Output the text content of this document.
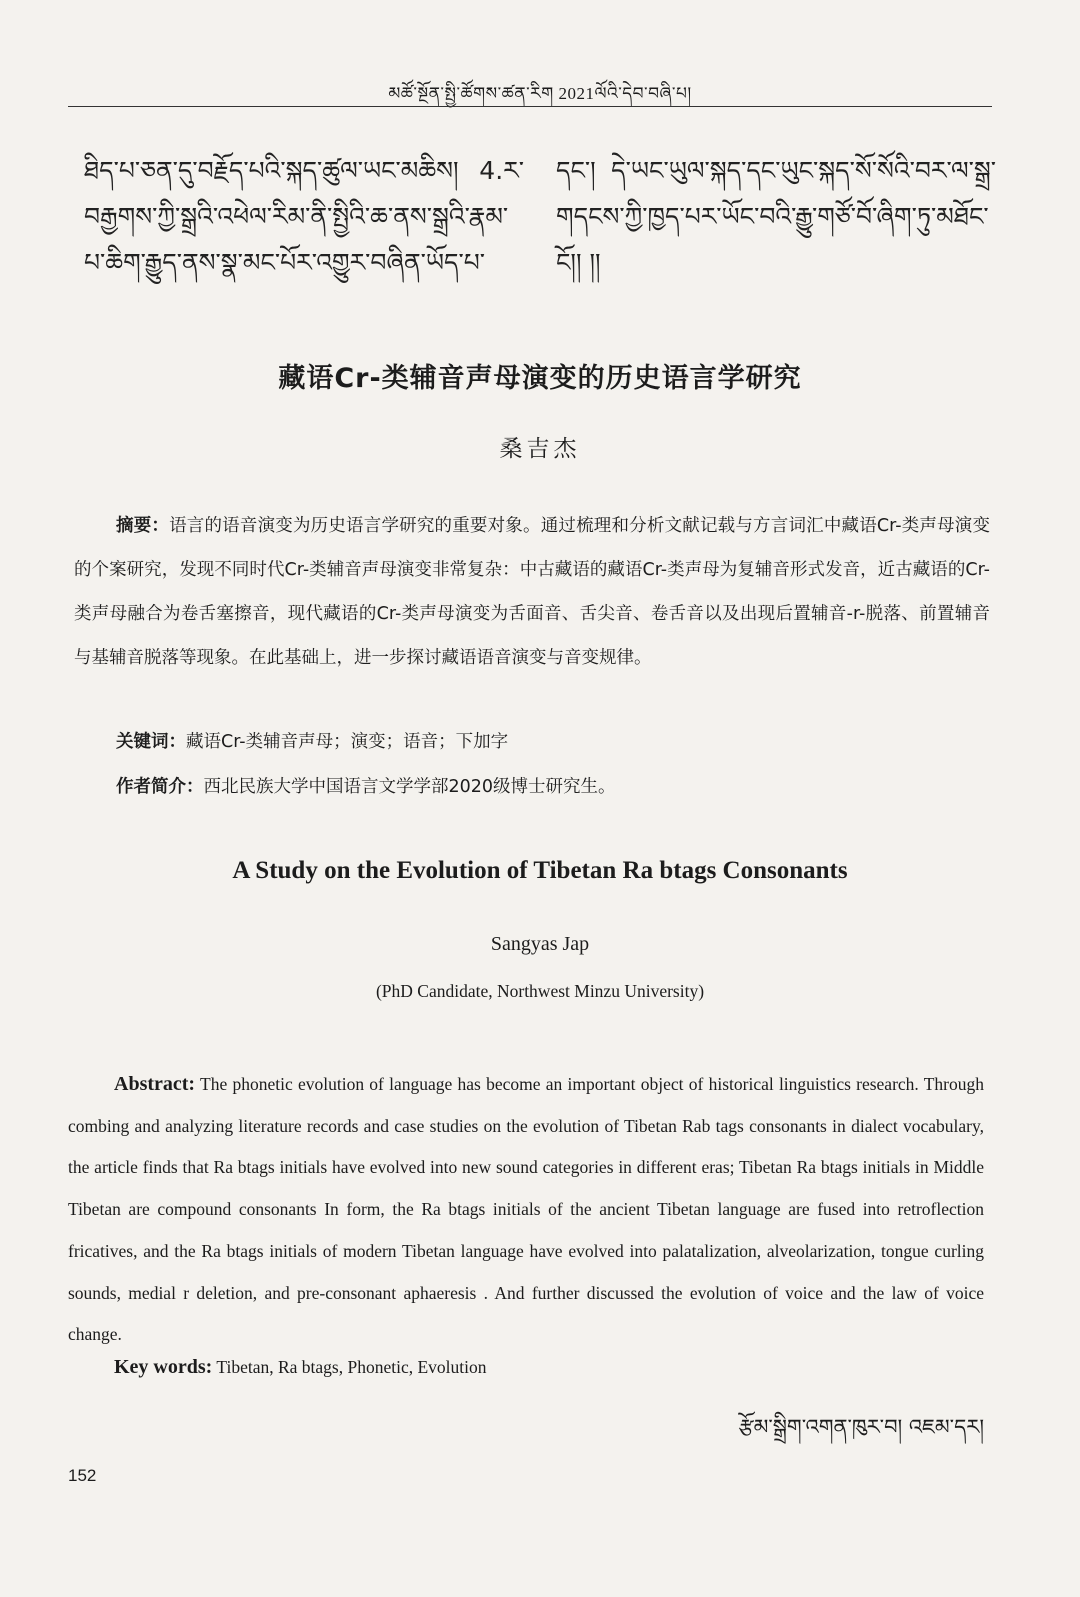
མཚོ་སྔོན་སྤྱི་ཚོགས་ཚན་རིག 2021ལོའི་དེབ་བཞི་པ།
ཐིད་པ་ཅན་དུ་བརྗོད་པའི་སྐད་ཚུལ་ཡང་མཆིས། 4.ར་བརྒྱགས་ཀྱི་སྒྲའི་འཕེལ་རིམ་ནི་སྤྱིའི་ཆ་ནས་སྒྲའི་རྣམ་པ་ཆིག་རྒྱུད་ནས་སྣ་མང་པོར་འགྱུར་བཞིན་ཡོད་པ་
དང་། དེ་ཡང་ཡུལ་སྐད་དང་ཡུང་སྐད་སོ་སོའི་བར་ལ་སྒྲ་གདངས་ཀྱི་ཁྱད་པར་ཡོང་བའི་རྒྱུ་གཙོ་བོ་ཞིག་ཏུ་མཐོང་ངོ།། །།
藏语Cr-类辅音声母演变的历史语言学研究
桑吉杰
摘要：语言的语音演变为历史语言学研究的重要对象。通过梳理和分析文献记载与方言词汇中藏语Cr-类声母演变的个案研究，发现不同时代Cr-类辅音声母演变非常复杂：中古藏语的藏语Cr-类声母为复辅音形式发音，近古藏语的Cr-类声母融合为卷舌塞擦音，现代藏语的Cr-类声母演变为舌面音、舌尖音、卷舌音以及出现后置辅音-r-脱落、前置辅音与基辅音脱落等现象。在此基础上，进一步探讨藏语语音演变与音变规律。
关键词：藏语Cr-类辅音声母；演变；语音；下加字
作者简介：西北民族大学中国语言文学学部2020级博士研究生。
A Study on the Evolution of Tibetan Ra btags Consonants
Sangyas Jap
(PhD Candidate, Northwest Minzu University)
Abstract: The phonetic evolution of language has become an important object of historical linguistics research. Through combing and analyzing literature records and case studies on the evolution of Tibetan Rab tags consonants in dialect vocabulary, the article finds that Ra btags initials have evolved into new sound categories in different eras; Tibetan Ra btags initials in Middle Tibetan are compound consonants In form, the Ra btags initials of the ancient Tibetan language are fused into retroflection fricatives, and the Ra btags initials of modern Tibetan language have evolved into palatalization, alveolarization, tongue curling sounds, medial r deletion, and pre-consonant aphaeresis . And further discussed the evolution of voice and the law of voice change.
Key words: Tibetan, Ra btags, Phonetic, Evolution
རྩོམ་སྒྲིག་འགན་ཁུར་བ། འཇམ་དར།
152
